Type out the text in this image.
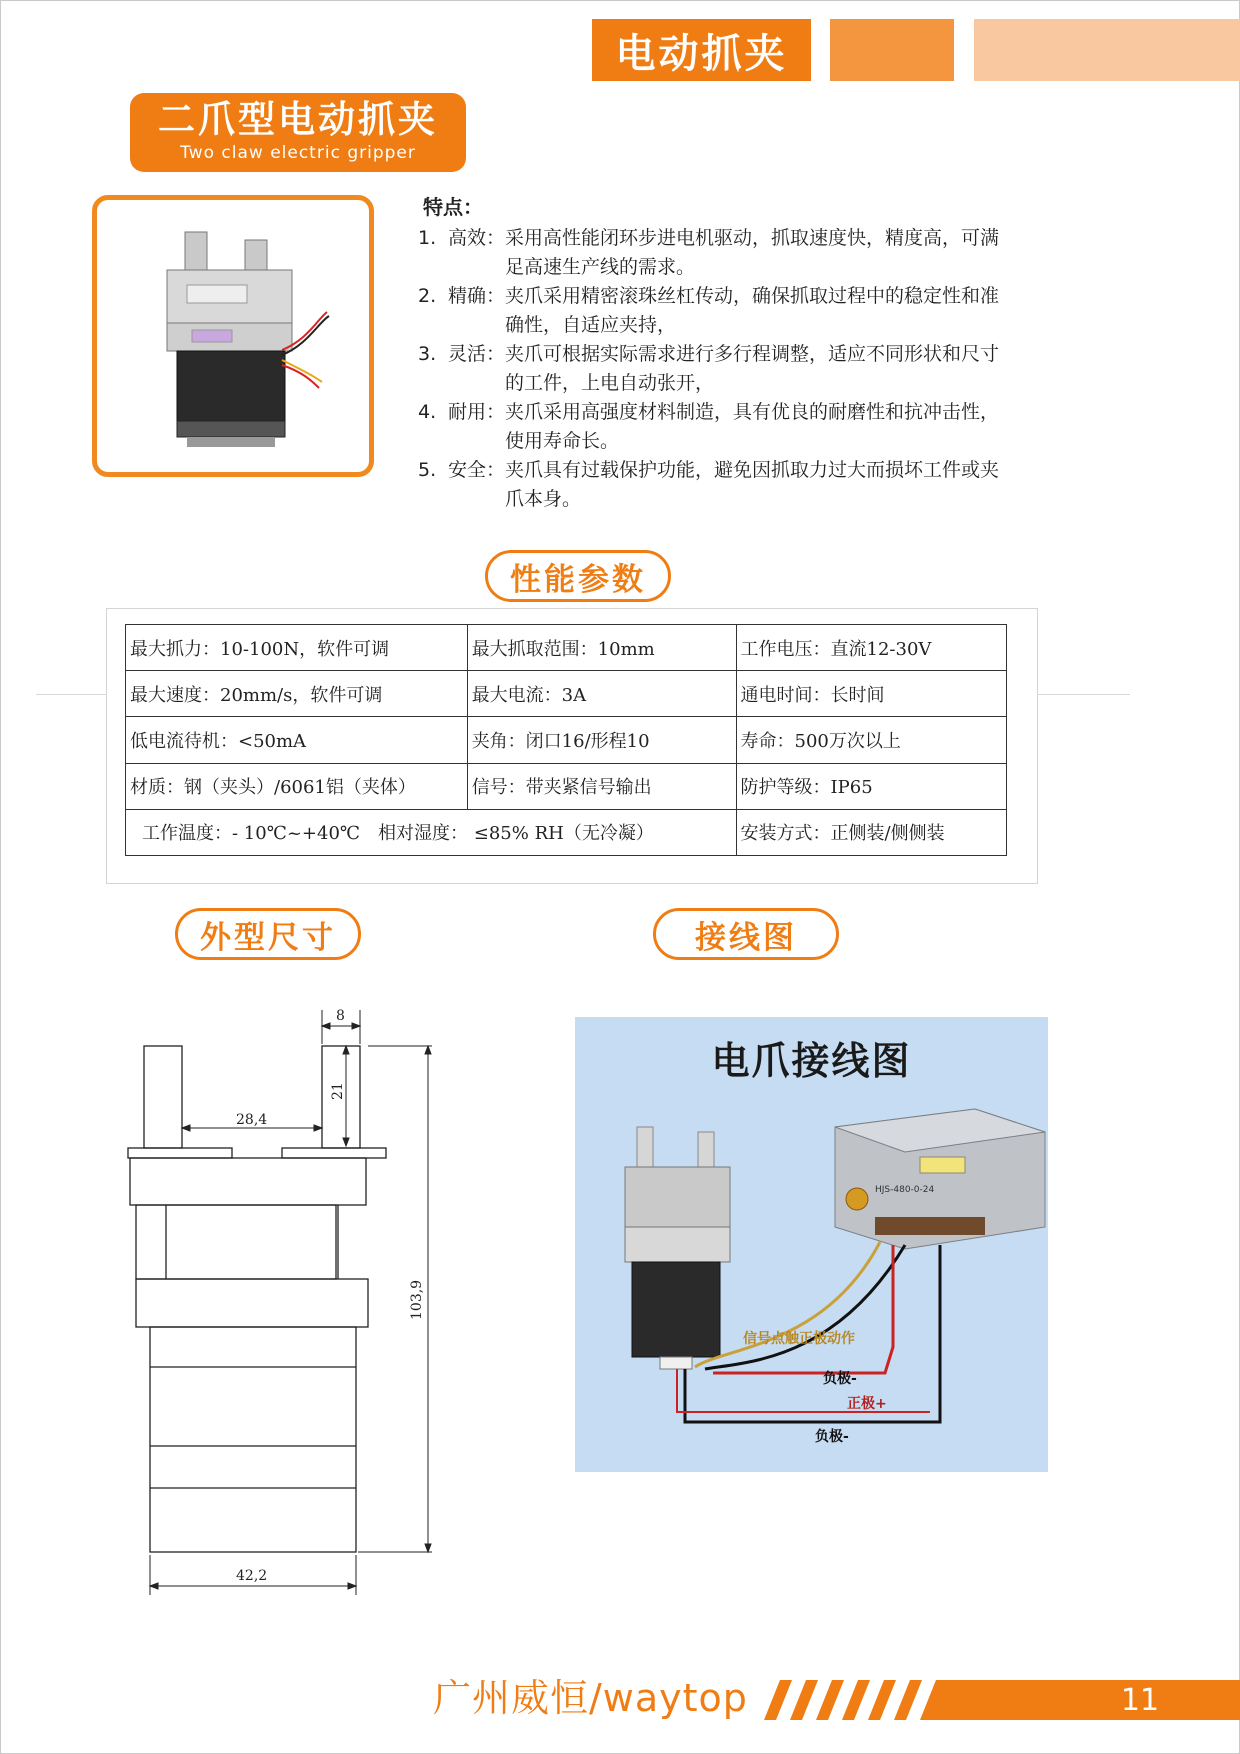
电动抓夹
二爪型电动抓夹
Two claw electric gripper
特点：
1. 高效： 采用高性能闭环步进电机驱动，抓取速度快，精度高，可满足高速生产线的需求。
2. 精确： 夹爪采用精密滚珠丝杠传动，确保抓取过程中的稳定性和准确性，自适应夹持，
3. 灵活： 夹爪可根据实际需求进行多行程调整，适应不同形状和尺寸的工件，上电自动张开，
4. 耐用： 夹爪采用高强度材料制造，具有优良的耐磨性和抗冲击性，使用寿命长。
5. 安全： 夹爪具有过载保护功能，避免因抓取力过大而损坏工件或夹爪本身。
性能参数
最大抓力：10-100N，软件可调	最大抓取范围：10mm	工作电压：直流12-30V
最大速度：20mm/s，软件可调	最大电流：3A	通电时间：长时间
低电流待机：<50mA	夹角：闭口16/形程10	寿命：500万次以上
材质：钢（夹头）/6061铝（夹体）	信号：带夹紧信号输出	防护等级：IP65
工作温度：- 10℃~+40℃　相对湿度： ≤85% RH（无冷凝）		安装方式：正侧装/侧侧装
外型尺寸	接线图
8
21
28,4
103,9
42,2
HJS-480-0-24
电爪接线图
信号点触正极动作
负极-
正极+
负极-
广州威恒/waytop	11
